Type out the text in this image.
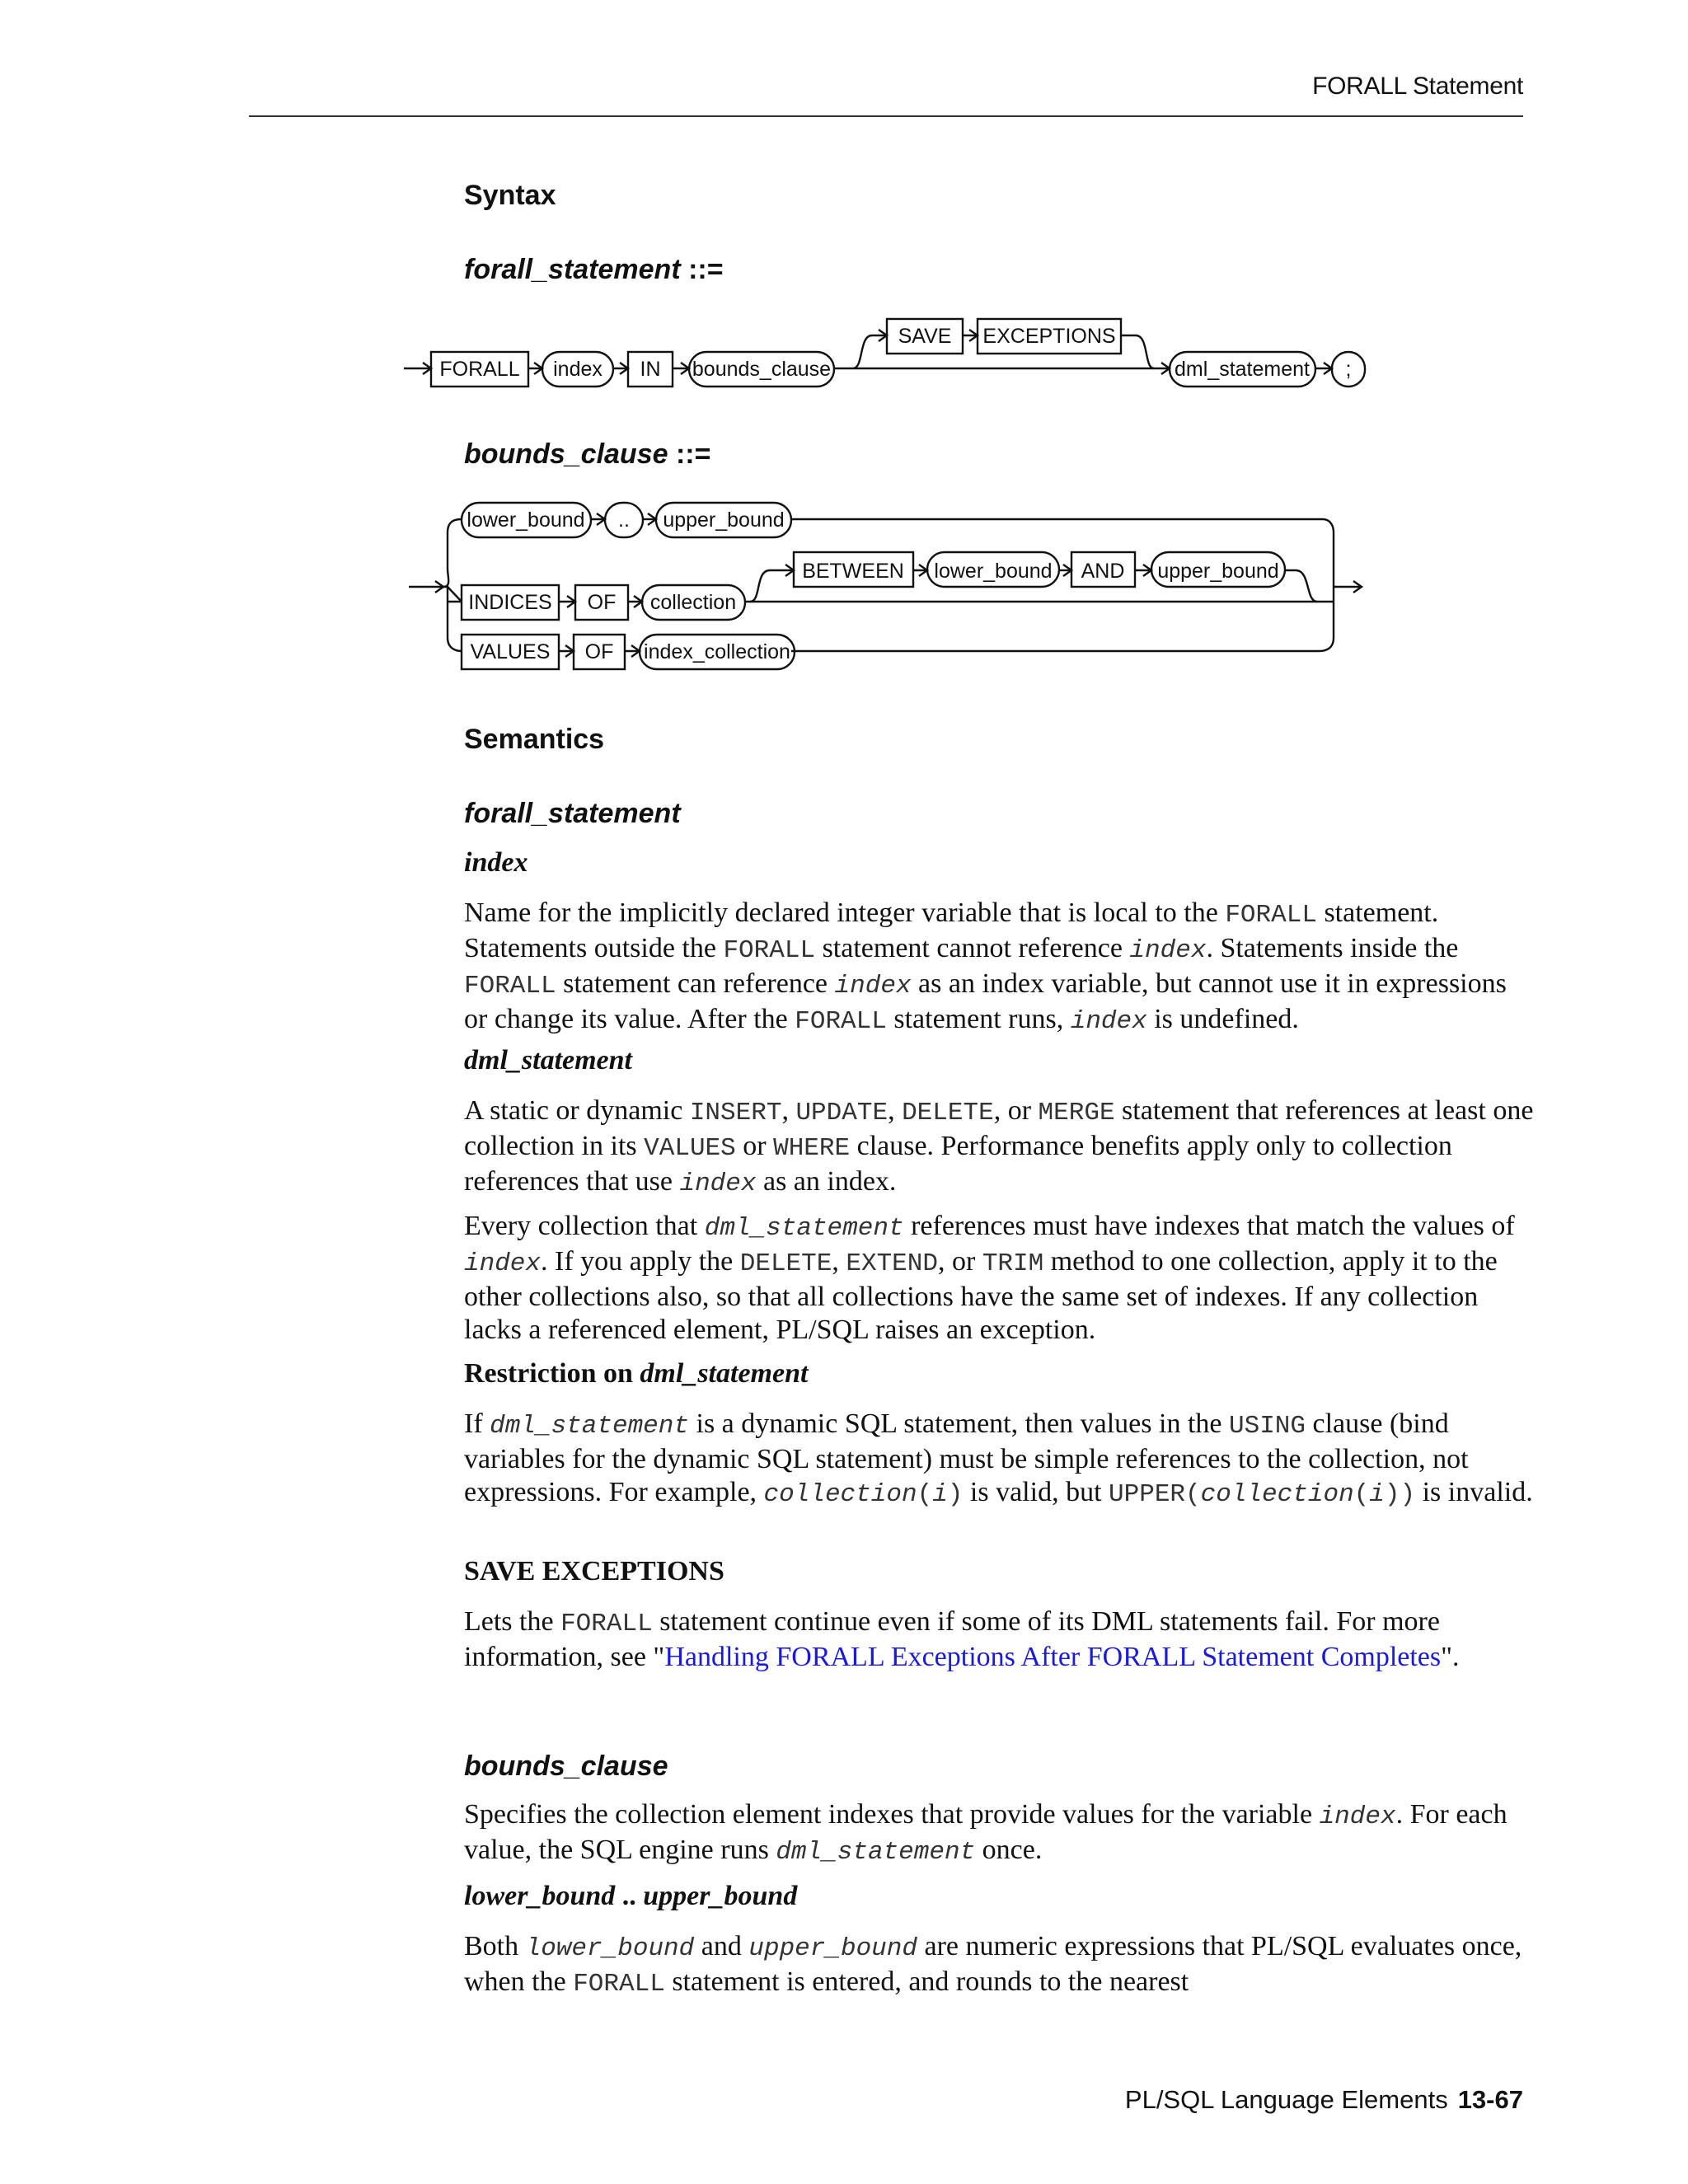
FORALL Statement
Syntax
forall_statement ::=
FORALL index IN bounds_clause
SAVE EXCEPTIONS
dml_statement ;
bounds_clause ::=
lower_bound .. upper_bound
INDICES OF collection
BETWEEN lower_bound AND upper_bound
VALUES OF index_collection
Semantics
forall_statement
index
Name for the implicitly declared integer variable that is local to the FORALL statement. Statements outside the FORALL statement cannot reference index. Statements inside the FORALL statement can reference index as an index variable, but cannot use it in expressions or change its value. After the FORALL statement runs, index is undefined.
dml_statement
A static or dynamic INSERT, UPDATE, DELETE, or MERGE statement that references at least one collection in its VALUES or WHERE clause. Performance benefits apply only to collection references that use index as an index.
Every collection that dml_statement references must have indexes that match the values of index. If you apply the DELETE, EXTEND, or TRIM method to one collection, apply it to the other collections also, so that all collections have the same set of indexes. If any collection lacks a referenced element, PL/SQL raises an exception.
Restriction on dml_statement
If dml_statement is a dynamic SQL statement, then values in the USING clause (bind variables for the dynamic SQL statement) must be simple references to the collection, not expressions. For example, collection(i) is valid, but UPPER(collection(i)) is invalid.
SAVE EXCEPTIONS
Lets the FORALL statement continue even if some of its DML statements fail. For more information, see "Handling FORALL Exceptions After FORALL Statement Completes".
bounds_clause
Specifies the collection element indexes that provide values for the variable index. For each value, the SQL engine runs dml_statement once.
lower_bound .. upper_bound
Both lower_bound and upper_bound are numeric expressions that PL/SQL evaluates once, when the FORALL statement is entered, and rounds to the nearest
PL/SQL Language Elements 13-67
